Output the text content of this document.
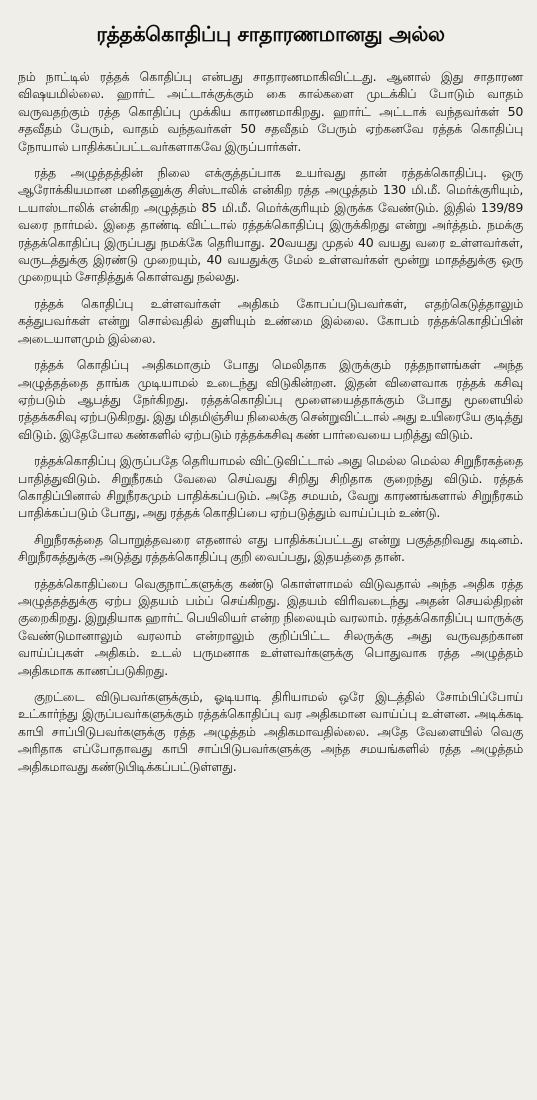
ரத்தக்கொதிப்பு சாதாரணமானது அல்ல

நம் நாட்டில் ரத்தக் கொதிப்பு என்பது சாதாரணமாகிவிட்டது. ஆனால் இது சாதாரண விஷயமில்லை. ஹார்ட் அட்டாக்குக்கும் கை கால்களை முடக்கிப் போடும் வாதம் வருவதற்கும் ரத்த கொதிப்பு முக்கிய காரணமாகிறது. ஹார்ட் அட்டாக் வந்தவர்கள் 50 சதவீதம் பேரும், வாதம் வந்தவர்கள் 50 சதவீதம் பேரும் ஏற்கனவே ரத்தக் கொதிப்பு நோயால் பாதிக்கப்பட்டவர்களாகவே இருப்பார்கள்.

ரத்த அழுத்தத்தின் நிலை எக்குத்தப்பாக உயர்வது தான் ரத்தக்கொதிப்பு. ஒரு ஆரோக்கியமான மனிதனுக்கு சிஸ்டாலிக் என்கிற ரத்த அழுத்தம் 130 மி.மீ. மெர்க்குரியும், டயாஸ்டாலிக் என்கிற அழுத்தம் 85 மி.மீ. மெர்க்குரியும் இருக்க வேண்டும். இதில் 139/89 வரை நார்மல். இதை தாண்டி விட்டால் ரத்தக்கொதிப்பு இருக்கிறது என்று அர்த்தம். நமக்கு ரத்தக்கொதிப்பு இருப்பது நமக்கே தெரியாது. 20வயது முதல் 40 வயது வரை உள்ளவர்கள், வருடத்துக்கு இரண்டு முறையும், 40 வயதுக்கு மேல் உள்ளவர்கள் மூன்று மாதத்துக்கு ஒரு முறையும் சோதித்துக் கொள்வது நல்லது.

ரத்தக் கொதிப்பு உள்ளவர்கள் அதிகம் கோபப்படுபவர்கள், எதற்கெடுத்தாலும் கத்துபவர்கள் என்று சொல்வதில் துளியும் உண்மை இல்லை. கோபம் ரத்தக்கொதிப்பின் அடையாளமும் இல்லை.

ரத்தக் கொதிப்பு அதிகமாகும் போது மெலிதாக இருக்கும் ரத்தநாளங்கள் அந்த அழுத்தத்தை தாங்க முடியாமல் உடைந்து விடுகின்றன. இதன் விளைவாக ரத்தக் கசிவு ஏற்படும் ஆபத்து நேர்கிறது. ரத்தக்கொதிப்பு மூளையைத்தாக்கும் போது மூளையில் ரத்தக்கசிவு ஏற்படுகிறது. இது மிதமிஞ்சிய நிலைக்கு சென்றுவிட்டால் அது உயிரையே குடித்து விடும். இதேபோல கண்களில் ஏற்படும் ரத்தக்கசிவு கண் பார்வையை பறித்து விடும்.

ரத்தக்கொதிப்பு இருப்பதே தெரியாமல் விட்டுவிட்டால் அது மெல்ல மெல்ல சிறுநீரகத்தை பாதித்துவிடும். சிறுநீரகம் வேலை செய்வது சிறிது சிறிதாக குறைந்து விடும். ரத்தக் கொதிப்பினால் சிறுநீரகமும் பாதிக்கப்படும். அதே சமயம், வேறு காரணங்களால் சிறுநீரகம் பாதிக்கப்படும் போது, அது ரத்தக் கொதிப்பை ஏற்படுத்தும் வாய்ப்பும் உண்டு.

சிறுநீரகத்தை பொறுத்தவரை எதனால் எது பாதிக்கப்பட்டது என்று பகுத்தறிவது கடினம். சிறுநீரகத்துக்கு அடுத்து ரத்தக்கொதிப்பு குறி வைப்பது, இதயத்தை தான்.

ரத்தக்கொதிப்பை வெகுநாட்களுக்கு கண்டு கொள்ளாமல் விடுவதால் அந்த அதிக ரத்த அழுத்தத்துக்கு ஏற்ப இதயம் பம்ப் செய்கிறது. இதயம் விரிவடைந்து அதன் செயல்திறன் குறைகிறது. இறுதியாக ஹார்ட் பெயிலியர் என்ற நிலையும் வரலாம். ரத்தக்கொதிப்பு யாருக்கு வேண்டுமானாலும் வரலாம் என்றாலும் குறிப்பிட்ட சிலருக்கு அது வருவதற்கான வாய்ப்புகள் அதிகம். உடல் பருமனாக உள்ளவர்களுக்கு பொதுவாக ரத்த அழுத்தம் அதிகமாக காணப்படுகிறது.

குறட்டை விடுபவர்களுக்கும், ஓடியாடி திரியாமல் ஒரே இடத்தில் சோம்பிப்போய் உட்கார்ந்து இருப்பவர்களுக்கும் ரத்தக்கொதிப்பு வர அதிகமான வாய்ப்பு உள்ளன. அடிக்கடி காபி சாப்பிடுபவர்களுக்கு ரத்த அழுத்தம் அதிகமாவதில்லை. அதே வேளையில் வெகு அரிதாக எப்போதாவது காபி சாப்பிடுபவர்களுக்கு அந்த சமயங்களில் ரத்த அழுத்தம் அதிகமாவது கண்டுபிடிக்கப்பட்டுள்ளது.
